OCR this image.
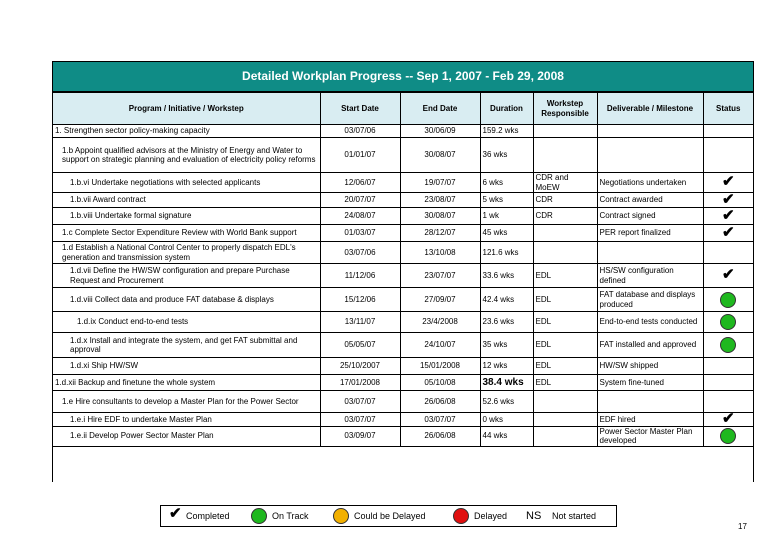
Detailed Workplan Progress -- Sep 1, 2007 - Feb 29, 2008
Program / Initiative / Workstep	Start Date	End Date	Duration	Workstep Responsible	Deliverable / Milestone	Status
1. Strengthen sector policy-making capacity	03/07/06	30/06/09	159.2 wks			
1.b Appoint qualified advisors at the Ministry of Energy and Water to support on strategic planning and evaluation of electricity policy reforms	01/01/07	30/08/07	36 wks			
1.b.vi Undertake negotiations with selected applicants	12/06/07	19/07/07	6 wks	CDR and MoEW	Negotiations undertaken	✔
1.b.vii Award contract	20/07/07	23/08/07	5 wks	CDR	Contract awarded	✔
1.b.viii Undertake formal signature	24/08/07	30/08/07	1 wk	CDR	Contract signed	✔
1.c Complete Sector Expenditure Review with World Bank support	01/03/07	28/12/07	45 wks		PER report finalized	✔
1.d Establish a National Control Center to properly dispatch EDL's generation and transmission system	03/07/06	13/10/08	121.6 wks			
1.d.vii Define the HW/SW configuration and prepare Purchase Request and Procurement	11/12/06	23/07/07	33.6 wks	EDL	HS/SW configuration defined	✔
1.d.viii Collect data and produce FAT database & displays	15/12/06	27/09/07	42.4 wks	EDL	FAT database and displays produced	
1.d.ix Conduct end-to-end tests	13/11/07	23/4/2008	23.6 wks	EDL	End-to-end tests conducted	
1.d.x Install and integrate the system, and get FAT submittal and approval	05/05/07	24/10/07	35 wks	EDL	FAT installed and approved	
1.d.xi Ship HW/SW	25/10/2007	15/01/2008	12 wks	EDL	HW/SW shipped	
1.d.xii Backup and finetune the whole system	17/01/2008	05/10/08	38.4 wks	EDL	System fine-tuned	
1.e Hire consultants to develop a Master Plan for the Power Sector	03/07/07	26/06/08	52.6 wks			
1.e.i Hire EDF to undertake Master Plan	03/07/07	03/07/07	0 wks		EDF hired	✔
1.e.ii Develop Power Sector Master Plan	03/09/07	26/06/08	44 wks		Power Sector Master Plan developed	
✔ Completed	On Track	Could be Delayed	Delayed NS Not started
17
